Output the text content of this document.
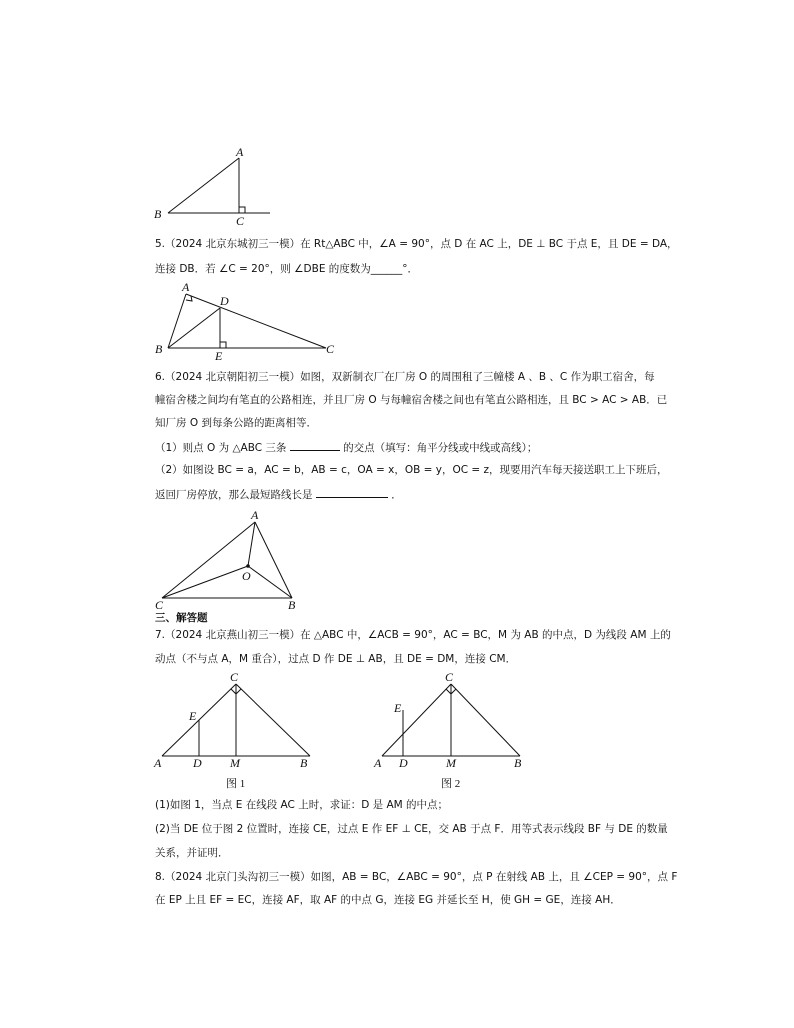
A
B	C
5.（2024 北京东城初三一模）在 Rt△ABC 中，∠A = 90°，点 D 在 AC 上，DE ⊥ BC 于点 E，且 DE = DA，
连接 DB．若 ∠C = 20°，则 ∠DBE 的度数为______°．
A
D
B	E	C
6.（2024 北京朝阳初三一模）如图，双新制衣厂在厂房 O 的周围租了三幢楼 A 、B 、C 作为职工宿舍，每
幢宿舍楼之间均有笔直的公路相连，并且厂房 O 与每幢宿舍楼之间也有笔直公路相连，且 BC > AC > AB．已
知厂房 O 到每条公路的距离相等．
（1）则点 O 为 △ABC 三条	的交点（填写：角平分线或中线或高线）；
（2）如图设 BC = a，AC = b，AB = c，OA = x，OB = y，OC = z，现要用汽车每天接送职工上下班后，
返回厂房停放，那么最短路线长是	．
A
O
C	B
三、解答题
7.（2024 北京燕山初三一模）在 △ABC 中，∠ACB = 90°，AC = BC，M 为 AB 的中点，D 为线段 AM 上的
动点（不与点 A，M 重合），过点 D 作 DE ⊥ AB，且 DE = DM，连接 CM．
C
E
A	D M	B
图 1
C
E
A D	M	B
图 2
(1)如图 1，当点 E 在线段 AC 上时，求证：D 是 AM 的中点；
(2)当 DE 位于图 2 位置时，连接 CE，过点 E 作 EF ⊥ CE，交 AB 于点 F．用等式表示线段 BF 与 DE 的数量
关系，并证明．
8.（2024 北京门头沟初三一模）如图，AB = BC，∠ABC = 90°，点 P 在射线 AB 上，且 ∠CEP = 90°，点 F
在 EP 上且 EF = EC，连接 AF，取 AF 的中点 G，连接 EG 并延长至 H，使 GH = GE，连接 AH．
